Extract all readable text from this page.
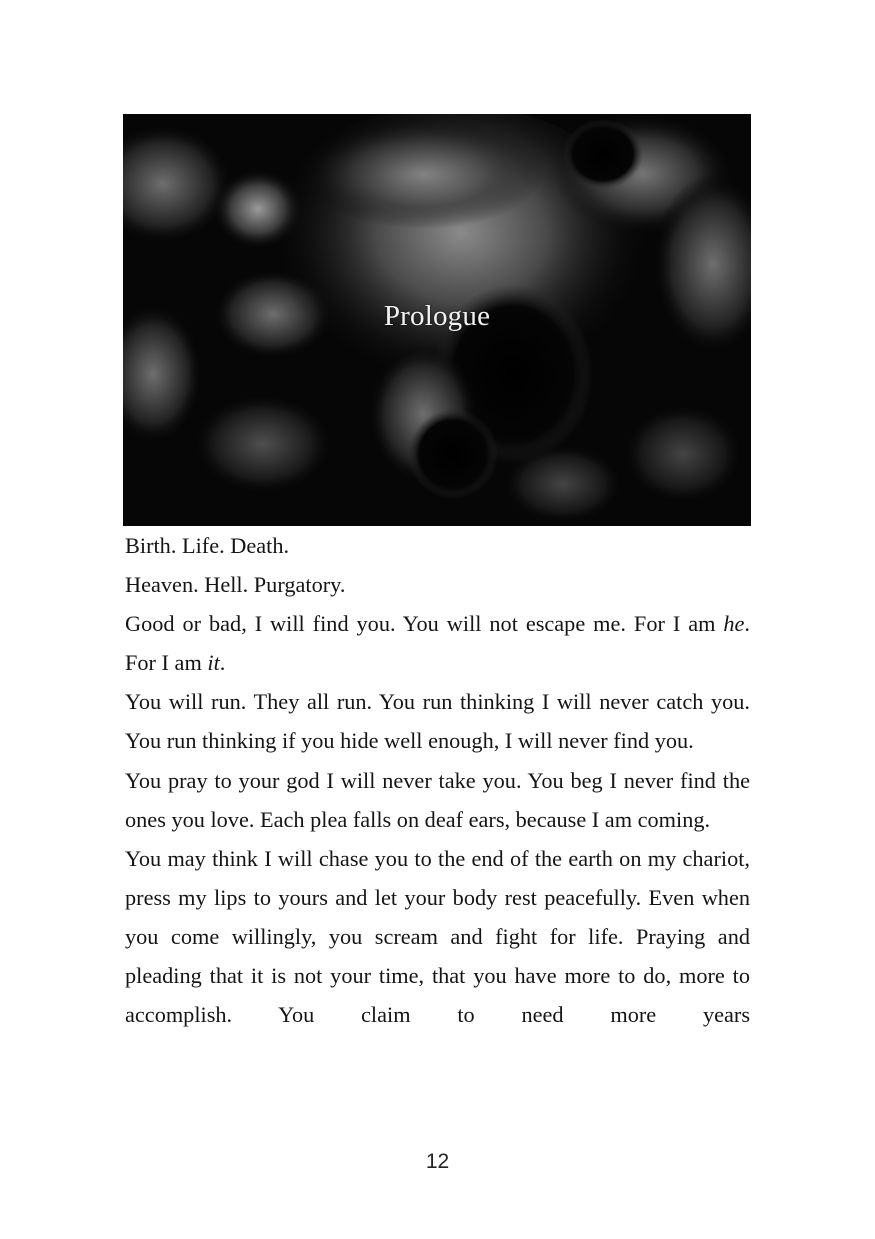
Prologue

Birth. Life. Death.

Heaven. Hell. Purgatory.

Good or bad, I will find you. You will not escape me. For I am he. For I am it.

You will run. They all run. You run thinking I will never catch you. You run thinking if you hide well enough, I will never find you.

You pray to your god I will never take you. You beg I never find the ones you love. Each plea falls on deaf ears, because I am coming.

You may think I will chase you to the end of the earth on my chariot, press my lips to yours and let your body rest peacefully. Even when you come willingly, you scream and fight for life. Praying and pleading that it is not your time, that you have more to do, more to accomplish. You claim to need more years

12
